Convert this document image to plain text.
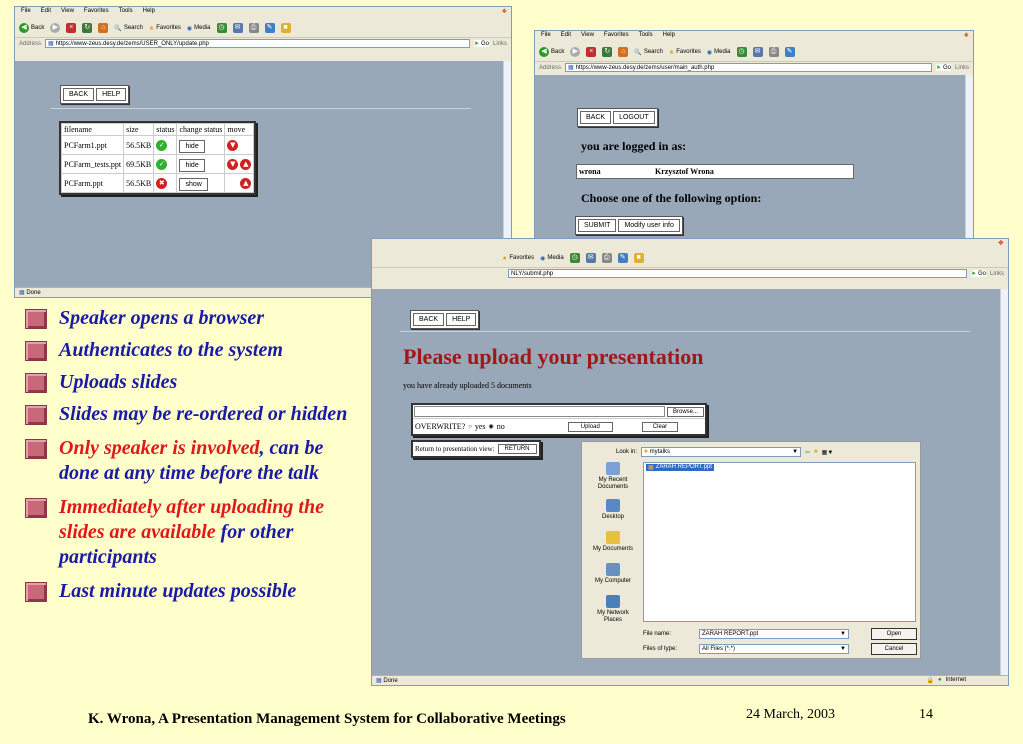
File Edit View Favorites Tools Help	❖
◀ Back	▶	×	↻	⌂	🔍 Search ★ Favorites ◉ Media ◷ ✉	⎙	✎	■
Address ▦ https://www-zeus.desy.de/zems/USER_ONLY/update.php	➤ Go Links
BACK	HELP
filename	size	status	change status	move
PCFarm1.ppt	56.5KB	✓	hide	▼
PCFarm_tests.ppt	69.5KB	✓	hide	▼ ▲
PCFarm.ppt	56.5KB	✖	show	▲
▦
Done
File Edit View Favorites Tools Help	❖
◀ Back	▶	×	↻	⌂	🔍 Search ★ Favorites ◉ Media ◷ ✉	⎙	✎
Address ▦ https://www-zeus.desy.de/zems/user/main_auth.php	➤ Go Links
BACK	LOGOUT
you are logged in as:
wrona	Krzysztof Wrona
Choose one of the following option:
SUBMIT	Modify user info
❖
★ Favorites ◉ Media ◷ ✉	⎙	✎	■
NLY/submit.php	➤ Go Links
BACK	HELP
Please upload your presentation
you have already uploaded 5 documents
Browse...
OVERWRITE? ○ yes ◉ no	Upload	Clear
Return to presentation view:	RETURN
▦
Done	🔒 ● Internet
Look in: ■ mytalks	▼ ⇦ ■ ▦▼
My Recent Documents
Desktop
My Documents
My Computer
My Network Places
▦ ZARAH REPORT.ppt
File name:	ZARAH REPORT.ppt	▼
Files of type:	All Files (*.*)	▼
Open
Cancel
Speaker opens a browser
Authenticates to the system
Uploads slides
Slides may be re-ordered or hidden
Only speaker is involved, can be done at any time before the talk
Immediately after uploading the slides are available for other participants
Last minute updates possible
K. Wrona, A Presentation Management System for Collaborative Meetings	24 March, 2003	14
